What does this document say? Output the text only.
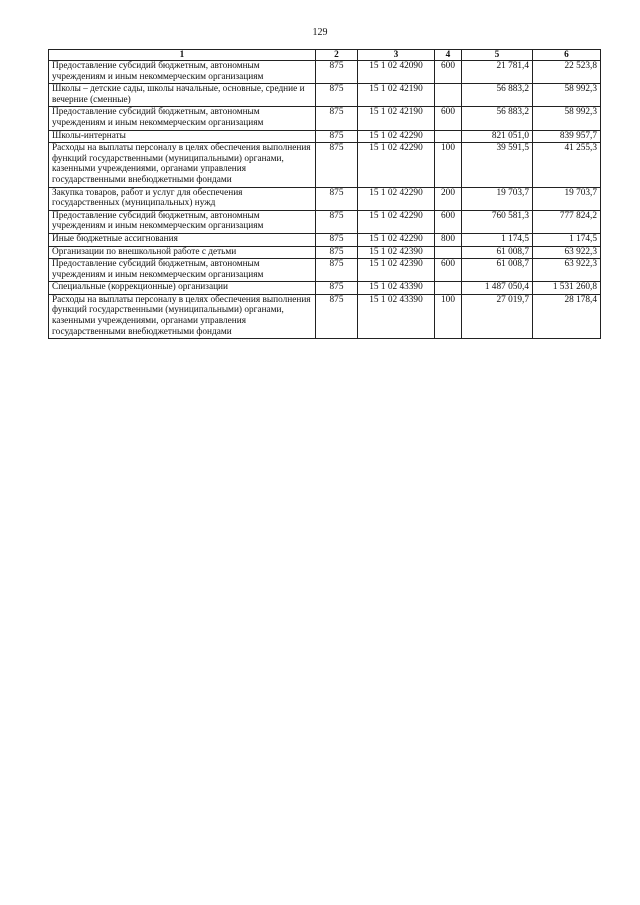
129
1	2	3	4	5	6
Предоставление субсидий бюджетным, автономным учреждениям и иным некоммерческим организациям	875	15 1 02 42090	600	21 781,4	22 523,8
Школы – детские сады, школы начальные, основные, средние и вечерние (сменные)	875	15 1 02 42190		56 883,2	58 992,3
Предоставление субсидий бюджетным, автономным учреждениям и иным некоммерческим организациям	875	15 1 02 42190	600	56 883,2	58 992,3
Школы-интернаты	875	15 1 02 42290		821 051,0	839 957,7
Расходы на выплаты персоналу в целях обеспечения выполнения функций государственными (муниципальными) органами, казенными учреждениями, органами управления государственными внебюджетными фондами	875	15 1 02 42290	100	39 591,5	41 255,3
Закупка товаров, работ и услуг для обеспечения государственных (муниципальных) нужд	875	15 1 02 42290	200	19 703,7	19 703,7
Предоставление субсидий бюджетным, автономным учреждениям и иным некоммерческим организациям	875	15 1 02 42290	600	760 581,3	777 824,2
Иные бюджетные ассигнования	875	15 1 02 42290	800	1 174,5	1 174,5
Организации по внешкольной работе с детьми	875	15 1 02 42390		61 008,7	63 922,3
Предоставление субсидий бюджетным, автономным учреждениям и иным некоммерческим организациям	875	15 1 02 42390	600	61 008,7	63 922,3
Специальные (коррекционные) организации	875	15 1 02 43390		1 487 050,4	1 531 260,8
Расходы на выплаты персоналу в целях обеспечения выполнения функций государственными (муниципальными) органами, казенными учреждениями, органами управления государственными внебюджетными фондами	875	15 1 02 43390	100	27 019,7	28 178,4
